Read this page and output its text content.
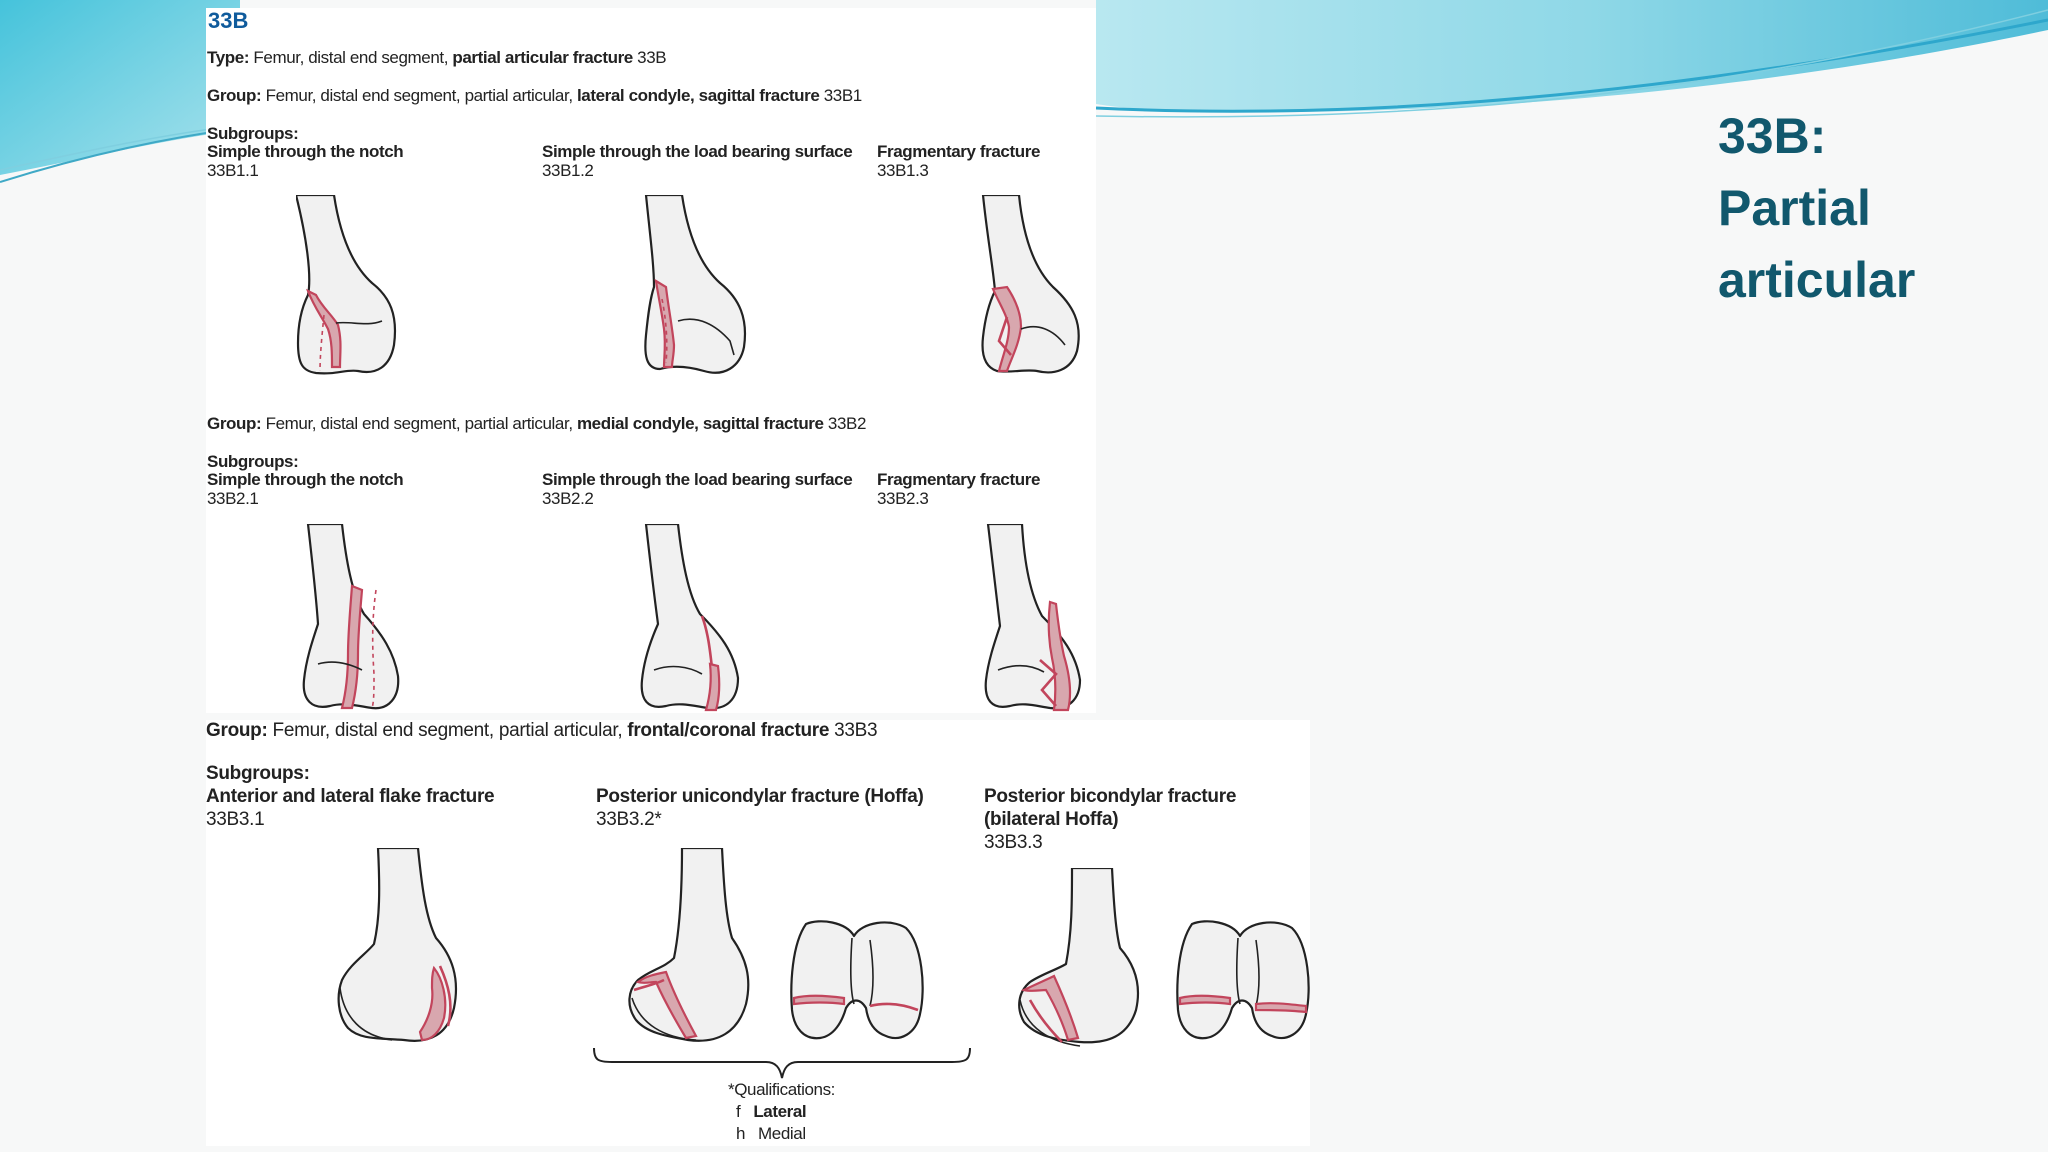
33B
Type: Femur, distal end segment, partial articular fracture 33B
Group: Femur, distal end segment, partial articular, lateral condyle, sagittal fracture 33B1
Subgroups:
Simple through the notch
33B1.1
Simple through the load bearing surface
33B1.2
Fragmentary fracture
33B1.3
Group: Femur, distal end segment, partial articular, medial condyle, sagittal fracture 33B2
Subgroups:
Simple through the notch
33B2.1
Simple through the load bearing surface
33B2.2
Fragmentary fracture
33B2.3
Group: Femur, distal end segment, partial articular, frontal/coronal fracture 33B3
Subgroups:
Anterior and lateral flake fracture
33B3.1
Posterior unicondylar fracture (Hoffa)
33B3.2*
Posterior bicondylar fracture
(bilateral Hoffa)
33B3.3
*Qualifications:
f Lateral
h Medial
33B:
Partial
articular
